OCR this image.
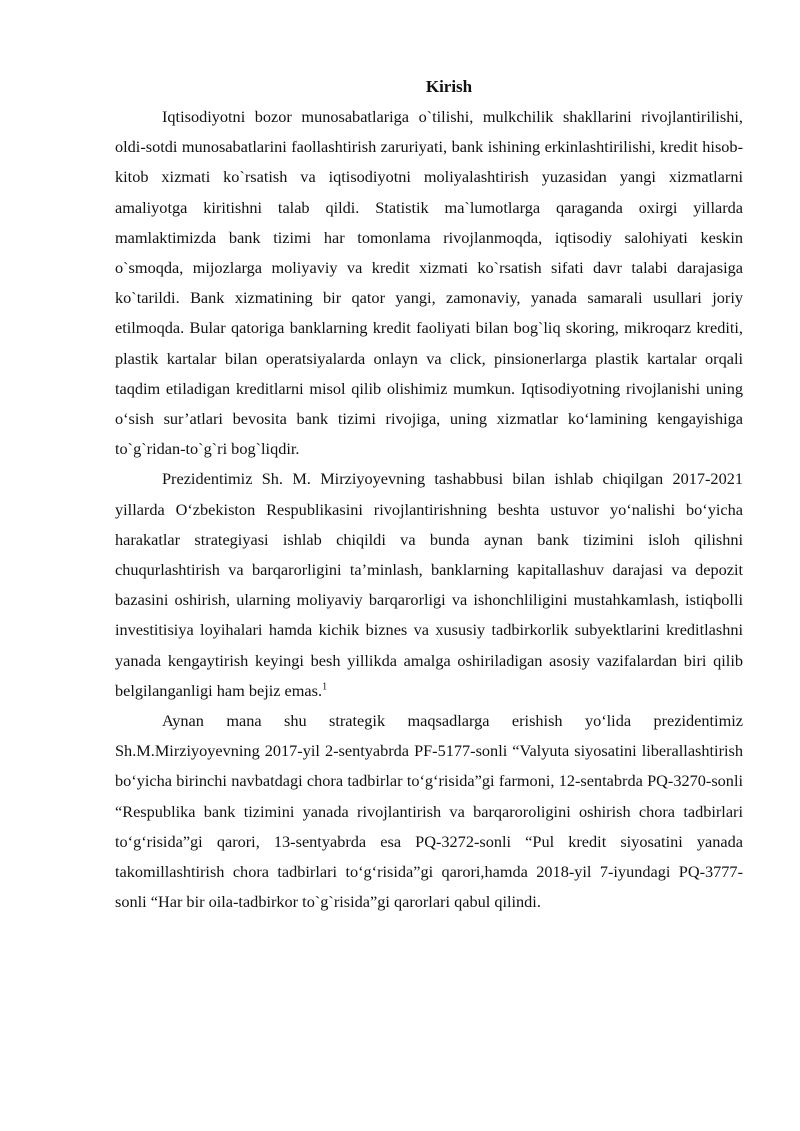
Kirish

Iqtisodiyotni bozor munosabatlariga o`tilishi, mulkchilik shakllarini rivojlantirilishi, oldi-sotdi munosabatlarini faollashtirish zaruriyati, bank ishining erkinlashtirilishi, kredit hisob-kitob xizmati ko`rsatish va iqtisodiyotni moliyalashtirish yuzasidan yangi xizmatlarni amaliyotga kiritishni talab qildi. Statistik ma`lumotlarga qaraganda oxirgi yillarda mamlaktimizda bank tizimi har tomonlama rivojlanmoqda, iqtisodiy salohiyati keskin o`smoqda, mijozlarga moliyaviy va kredit xizmati ko`rsatish sifati davr talabi darajasiga ko`tarildi. Bank xizmatining bir qator yangi, zamonaviy, yanada samarali usullari joriy etilmoqda. Bular qatoriga banklarning kredit faoliyati bilan bog`liq skoring, mikroqarz krediti, plastik kartalar bilan operatsiyalarda onlayn va click, pinsionerlarga plastik kartalar orqali taqdim etiladigan kreditlarni misol qilib olishimiz mumkun. Iqtisodiyotning rivojlanishi uning o‘sish sur’atlari bevosita bank tizimi rivojiga, uning xizmatlar ko‘lamining kengayishiga to`g`ridan-to`g`ri bog`liqdir.

Prezidentimiz Sh. M. Mirziyoyevning tashabbusi bilan ishlab chiqilgan 2017-2021 yillarda O‘zbekiston Respublikasini rivojlantirishning beshta ustuvor yo‘nalishi bo‘yicha harakatlar strategiyasi ishlab chiqildi va bunda aynan bank tizimini isloh qilishni chuqurlashtirish va barqarorligini ta’minlash, banklarning kapitallashuv darajasi va depozit bazasini oshirish, ularning moliyaviy barqarorligi va ishonchliligini mustahkamlash, istiqbolli investitisiya loyihalari hamda kichik biznes va xususiy tadbirkorlik subyektlarini kreditlashni yanada kengaytirish keyingi besh yillikda amalga oshiriladigan asosiy vazifalardan biri qilib belgilanganligi ham bejiz emas.$^1$

Aynan mana shu strategik maqsadlarga erishish yo‘lida prezidentimiz Sh.M.Mirziyoyevning 2017-yil 2-sentyabrda PF-5177-sonli “Valyuta siyosatini liberallashtirish bo‘yicha birinchi navbatdagi chora tadbirlar to‘g‘risida”gi farmoni, 12-sentabrda PQ-3270-sonli “Respublika bank tizimini yanada rivojlantirish va barqaroroligini oshirish chora tadbirlari to‘g‘risida”gi qarori, 13-sentyabrda esa PQ-3272-sonli “Pul kredit siyosatini yanada takomillashtirish chora tadbirlari to‘g‘risida”gi qarori,hamda 2018-yil 7-iyundagi PQ-3777-sonli “Har bir oila-tadbirkor to`g`risida”gi qarorlari qabul qilindi.
